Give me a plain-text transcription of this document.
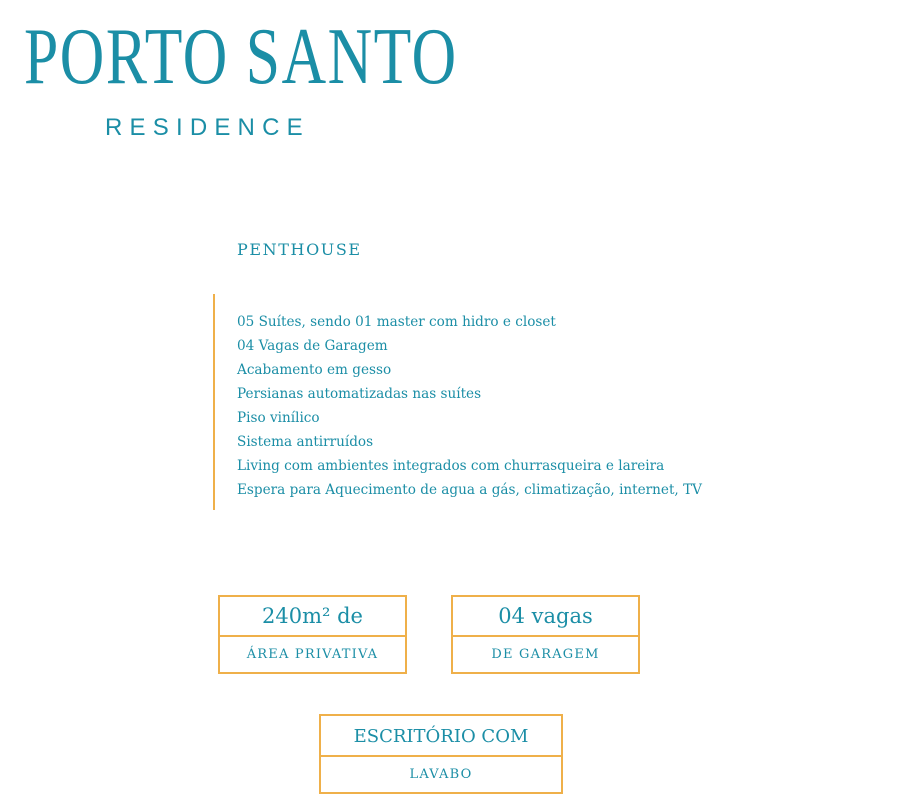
PORTO SANTO
RESIDENCE
PENTHOUSE
05 Suítes, sendo 01 master com hidro e closet
04 Vagas de Garagem
Acabamento em gesso
Persianas automatizadas nas suítes
Piso vinílico
Sistema antirruídos
Living com ambientes integrados com churrasqueira e lareira
Espera para Aquecimento de agua a gás, climatização, internet, TV
240m² de
ÁREA PRIVATIVA
04 vagas
DE GARAGEM
ESCRITÓRIO COM
LAVABO
